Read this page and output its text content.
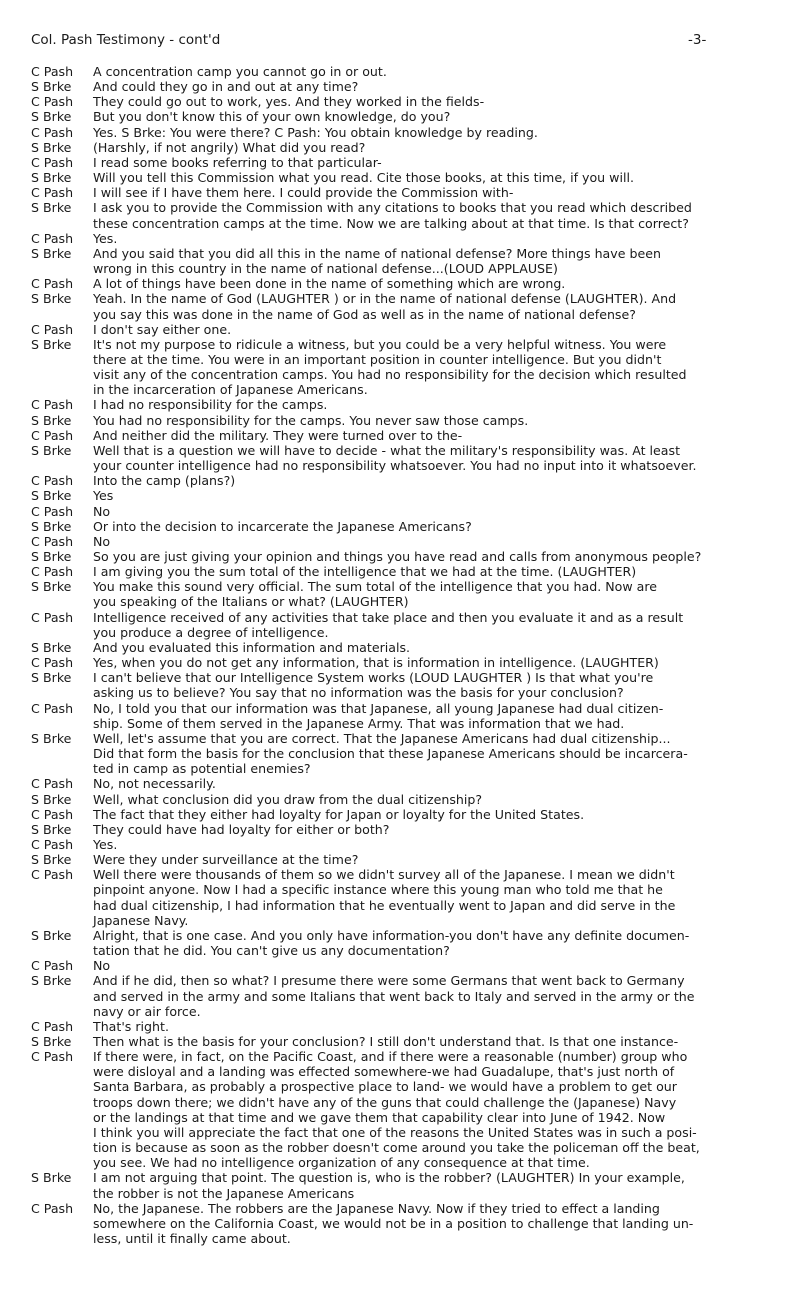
Col. Pash Testimony - cont'd	-3-
C Pash	A concentration camp you cannot go in or out.
S Brke	And could they go in and out at any time?
C Pash	They could go out to work, yes. And they worked in the fields-
S Brke	But you don't know this of your own knowledge, do you?
C Pash	Yes. S Brke: You were there? C Pash: You obtain knowledge by reading.
S Brke	(Harshly, if not angrily) What did you read?
C Pash	I read some books referring to that particular-
S Brke	Will you tell this Commission what you read. Cite those books, at this time, if you will.
C Pash	I will see if I have them here. I could provide the Commission with-
S Brke	I ask you to provide the Commission with any citations to books that you read which described
these concentration camps at the time. Now we are talking about at that time. Is that correct?
C Pash	Yes.
S Brke	And you said that you did all this in the name of national defense? More things have been
wrong in this country in the name of national defense...(LOUD APPLAUSE)
C Pash	A lot of things have been done in the name of something which are wrong.
S Brke	Yeah. In the name of God (LAUGHTER ) or in the name of national defense (LAUGHTER). And
you say this was done in the name of God as well as in the name of national defense?
C Pash	I don't say either one.
S Brke	It's not my purpose to ridicule a witness, but you could be a very helpful witness. You were
there at the time. You were in an important position in counter intelligence. But you didn't
visit any of the concentration camps. You had no responsibility for the decision which resulted
in the incarceration of Japanese Americans.
C Pash	I had no responsibility for the camps.
S Brke	You had no responsibility for the camps. You never saw those camps.
C Pash	And neither did the military. They were turned over to the-
S Brke	Well that is a question we will have to decide - what the military's responsibility was. At least
your counter intelligence had no responsibility whatsoever. You had no input into it whatsoever.
C Pash	Into the camp (plans?)
S Brke	Yes
C Pash	No
S Brke	Or into the decision to incarcerate the Japanese Americans?
C Pash	No
S Brke	So you are just giving your opinion and things you have read and calls from anonymous people?
C Pash	I am giving you the sum total of the intelligence that we had at the time. (LAUGHTER)
S Brke	You make this sound very official. The sum total of the intelligence that you had. Now are
you speaking of the Italians or what? (LAUGHTER)
C Pash	Intelligence received of any activities that take place and then you evaluate it and as a result
you produce a degree of intelligence.
S Brke	And you evaluated this information and materials.
C Pash	Yes, when you do not get any information, that is information in intelligence. (LAUGHTER)
S Brke	I can't believe that our Intelligence System works (LOUD LAUGHTER ) Is that what you're
asking us to believe? You say that no information was the basis for your conclusion?
C Pash	No, I told you that our information was that Japanese, all young Japanese had dual citizen-
ship. Some of them served in the Japanese Army. That was information that we had.
S Brke	Well, let's assume that you are correct. That the Japanese Americans had dual citizenship...
Did that form the basis for the conclusion that these Japanese Americans should be incarcera-
ted in camp as potential enemies?
C Pash	No, not necessarily.
S Brke	Well, what conclusion did you draw from the dual citizenship?
C Pash	The fact that they either had loyalty for Japan or loyalty for the United States.
S Brke	They could have had loyalty for either or both?
C Pash	Yes.
S Brke	Were they under surveillance at the time?
C Pash	Well there were thousands of them so we didn't survey all of the Japanese. I mean we didn't
pinpoint anyone. Now I had a specific instance where this young man who told me that he
had dual citizenship, I had information that he eventually went to Japan and did serve in the
Japanese Navy.
S Brke	Alright, that is one case. And you only have information-you don't have any definite documen-
tation that he did. You can't give us any documentation?
C Pash	No
S Brke	And if he did, then so what? I presume there were some Germans that went back to Germany
and served in the army and some Italians that went back to Italy and served in the army or the
navy or air force.
C Pash	That's right.
S Brke	Then what is the basis for your conclusion? I still don't understand that. Is that one instance-
C Pash	If there were, in fact, on the Pacific Coast, and if there were a reasonable (number) group who
were disloyal and a landing was effected somewhere-we had Guadalupe, that's just north of
Santa Barbara, as probably a prospective place to land- we would have a problem to get our
troops down there; we didn't have any of the guns that could challenge the (Japanese) Navy
or the landings at that time and we gave them that capability clear into June of 1942. Now
I think you will appreciate the fact that one of the reasons the United States was in such a posi-
tion is because as soon as the robber doesn't come around you take the policeman off the beat,
you see. We had no intelligence organization of any consequence at that time.
S Brke	I am not arguing that point. The question is, who is the robber? (LAUGHTER) In your example,
the robber is not the Japanese Americans
C Pash	No, the Japanese. The robbers are the Japanese Navy. Now if they tried to effect a landing
somewhere on the California Coast, we would not be in a position to challenge that landing un-
less, until it finally came about.
